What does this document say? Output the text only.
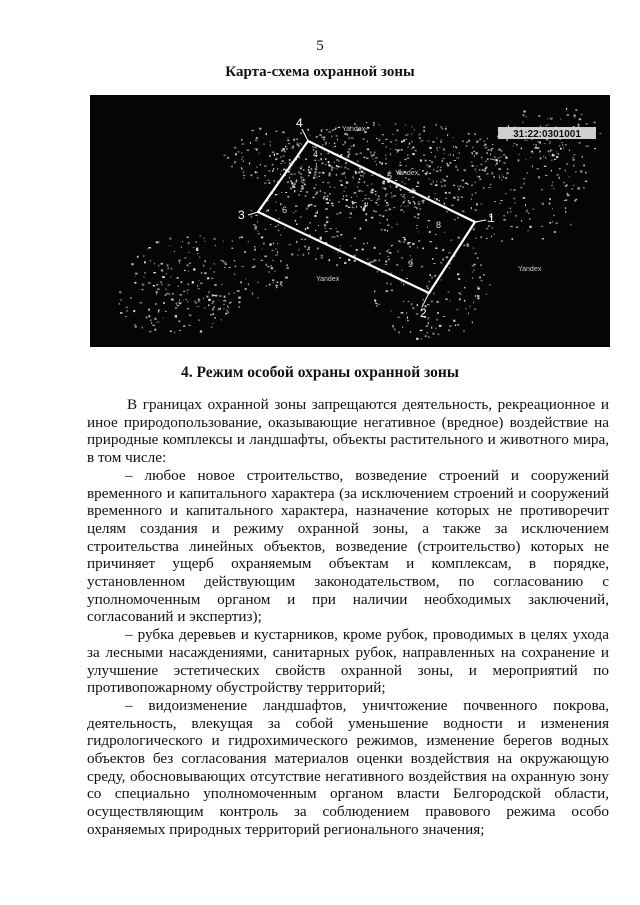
5
Карта-схема охранной зоны
31:22:0301001
1
2
3
4
4
6
5
8
9
Yandex
Yandex
Yandex
Yandex
4. Режим особой охраны охранной зоны

В границах охранной зоны запрещаются деятельность, рекреационное и иное природопользование, оказывающие негативное (вредное) воздействие на природные комплексы и ландшафты, объекты растительного и животного мира, в том числе:

– любое новое строительство, возведение строений и сооружений временного и капитального характера (за исключением строений и сооружений временного и капитального характера, назначение которых не противоречит целям создания и режиму охранной зоны, а также за исключением строительства линейных объектов, возведение (строительство) которых не причиняет ущерб охраняемым объектам и комплексам, в порядке, установленном действующим законодательством, по согласованию с уполномоченным органом и при наличии необходимых заключений, согласований и экспертиз);

– рубка деревьев и кустарников, кроме рубок, проводимых в целях ухода за лесными насаждениями, санитарных рубок, направленных на сохранение и улучшение эстетических свойств охранной зоны, и мероприятий по противопожарному обустройству территорий;

– видоизменение ландшафтов, уничтожение почвенного покрова, деятельность, влекущая за собой уменьшение водности и изменения гидрологического и гидрохимического режимов, изменение берегов водных объектов без согласования материалов оценки воздействия на окружающую среду, обосновывающих отсутствие негативного воздействия на охранную зону со специально уполномоченным органом власти Белгородской области, осуществляющим контроль за соблюдением правового режима особо охраняемых природных территорий регионального значения;
